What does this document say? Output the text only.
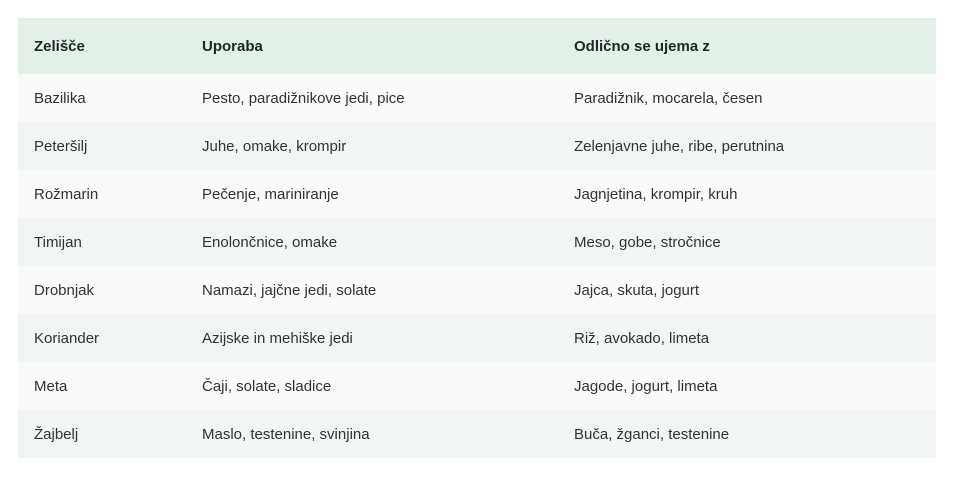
Zelišče	Uporaba	Odlično se ujema z
Bazilika	Pesto, paradižnikove jedi, pice	Paradižnik, mocarela, česen
Peteršilj	Juhe, omake, krompir	Zelenjavne juhe, ribe, perutnina
Rožmarin	Pečenje, mariniranje	Jagnjetina, krompir, kruh
Timijan	Enolončnice, omake	Meso, gobe, stročnice
Drobnjak	Namazi, jajčne jedi, solate	Jajca, skuta, jogurt
Koriander	Azijske in mehiške jedi	Riž, avokado, limeta
Meta	Čaji, solate, sladice	Jagode, jogurt, limeta
Žajbelj	Maslo, testenine, svinjina	Buča, žganci, testenine
